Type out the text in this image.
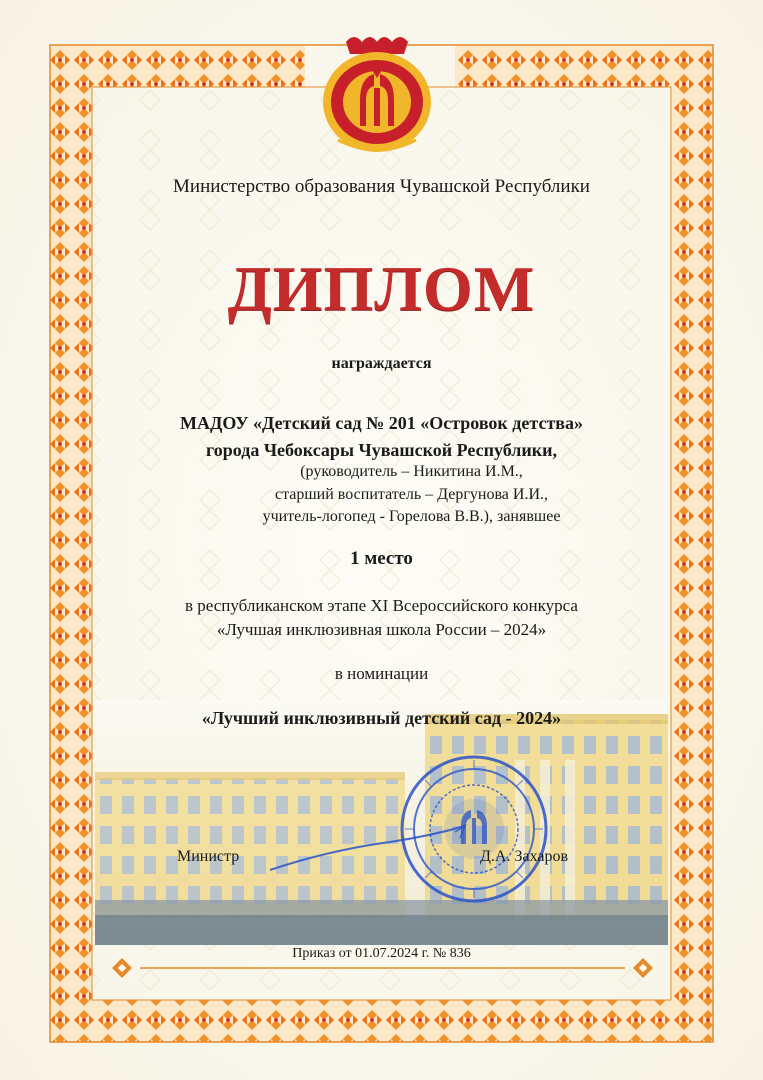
Министерство образования Чувашской Республики
ДИПЛОМ
награждается
МАДОУ «Детский сад № 201 «Островок детства»
города Чебоксары Чувашской Республики,
(руководитель – Никитина И.М.,
старший воспитатель – Дергунова И.И.,
учитель-логопед - Горелова В.В.), занявшее
1 место
в республиканском этапе XI Всероссийского конкурса
«Лучшая инклюзивная школа России – 2024»
в номинации
«Лучший инклюзивный детский сад - 2024»
Министр	Д.А. Захаров
Приказ от 01.07.2024 г. № 836
